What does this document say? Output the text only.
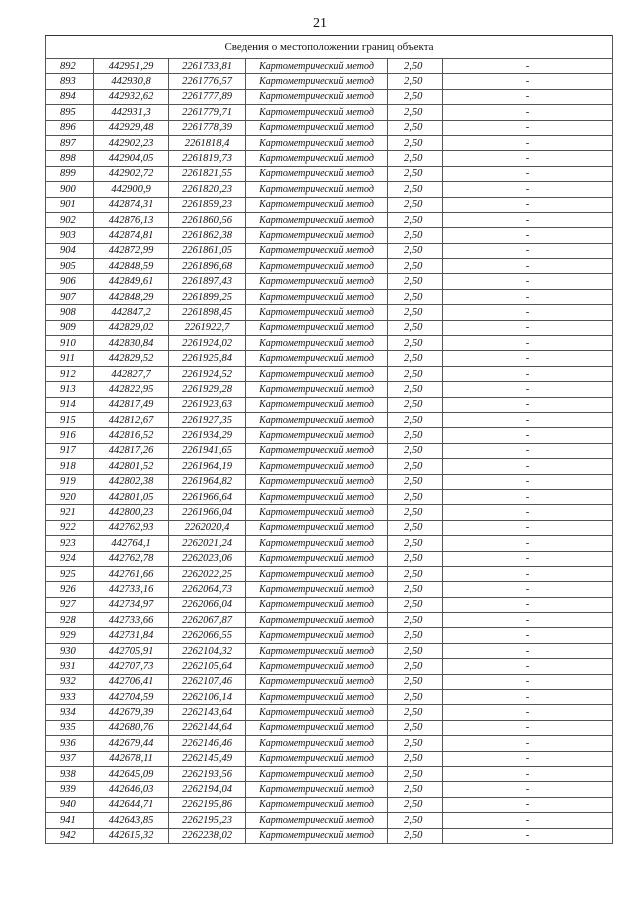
21
Сведения о местоположении границ объекта					
892	442951,29	2261733,81	Картометрический метод	2,50	-
893	442930,8	2261776,57	Картометрический метод	2,50	-
894	442932,62	2261777,89	Картометрический метод	2,50	-
895	442931,3	2261779,71	Картометрический метод	2,50	-
896	442929,48	2261778,39	Картометрический метод	2,50	-
897	442902,23	2261818,4	Картометрический метод	2,50	-
898	442904,05	2261819,73	Картометрический метод	2,50	-
899	442902,72	2261821,55	Картометрический метод	2,50	-
900	442900,9	2261820,23	Картометрический метод	2,50	-
901	442874,31	2261859,23	Картометрический метод	2,50	-
902	442876,13	2261860,56	Картометрический метод	2,50	-
903	442874,81	2261862,38	Картометрический метод	2,50	-
904	442872,99	2261861,05	Картометрический метод	2,50	-
905	442848,59	2261896,68	Картометрический метод	2,50	-
906	442849,61	2261897,43	Картометрический метод	2,50	-
907	442848,29	2261899,25	Картометрический метод	2,50	-
908	442847,2	2261898,45	Картометрический метод	2,50	-
909	442829,02	2261922,7	Картометрический метод	2,50	-
910	442830,84	2261924,02	Картометрический метод	2,50	-
911	442829,52	2261925,84	Картометрический метод	2,50	-
912	442827,7	2261924,52	Картометрический метод	2,50	-
913	442822,95	2261929,28	Картометрический метод	2,50	-
914	442817,49	2261923,63	Картометрический метод	2,50	-
915	442812,67	2261927,35	Картометрический метод	2,50	-
916	442816,52	2261934,29	Картометрический метод	2,50	-
917	442817,26	2261941,65	Картометрический метод	2,50	-
918	442801,52	2261964,19	Картометрический метод	2,50	-
919	442802,38	2261964,82	Картометрический метод	2,50	-
920	442801,05	2261966,64	Картометрический метод	2,50	-
921	442800,23	2261966,04	Картометрический метод	2,50	-
922	442762,93	2262020,4	Картометрический метод	2,50	-
923	442764,1	2262021,24	Картометрический метод	2,50	-
924	442762,78	2262023,06	Картометрический метод	2,50	-
925	442761,66	2262022,25	Картометрический метод	2,50	-
926	442733,16	2262064,73	Картометрический метод	2,50	-
927	442734,97	2262066,04	Картометрический метод	2,50	-
928	442733,66	2262067,87	Картометрический метод	2,50	-
929	442731,84	2262066,55	Картометрический метод	2,50	-
930	442705,91	2262104,32	Картометрический метод	2,50	-
931	442707,73	2262105,64	Картометрический метод	2,50	-
932	442706,41	2262107,46	Картометрический метод	2,50	-
933	442704,59	2262106,14	Картометрический метод	2,50	-
934	442679,39	2262143,64	Картометрический метод	2,50	-
935	442680,76	2262144,64	Картометрический метод	2,50	-
936	442679,44	2262146,46	Картометрический метод	2,50	-
937	442678,11	2262145,49	Картометрический метод	2,50	-
938	442645,09	2262193,56	Картометрический метод	2,50	-
939	442646,03	2262194,04	Картометрический метод	2,50	-
940	442644,71	2262195,86	Картометрический метод	2,50	-
941	442643,85	2262195,23	Картометрический метод	2,50	-
942	442615,32	2262238,02	Картометрический метод	2,50	-
